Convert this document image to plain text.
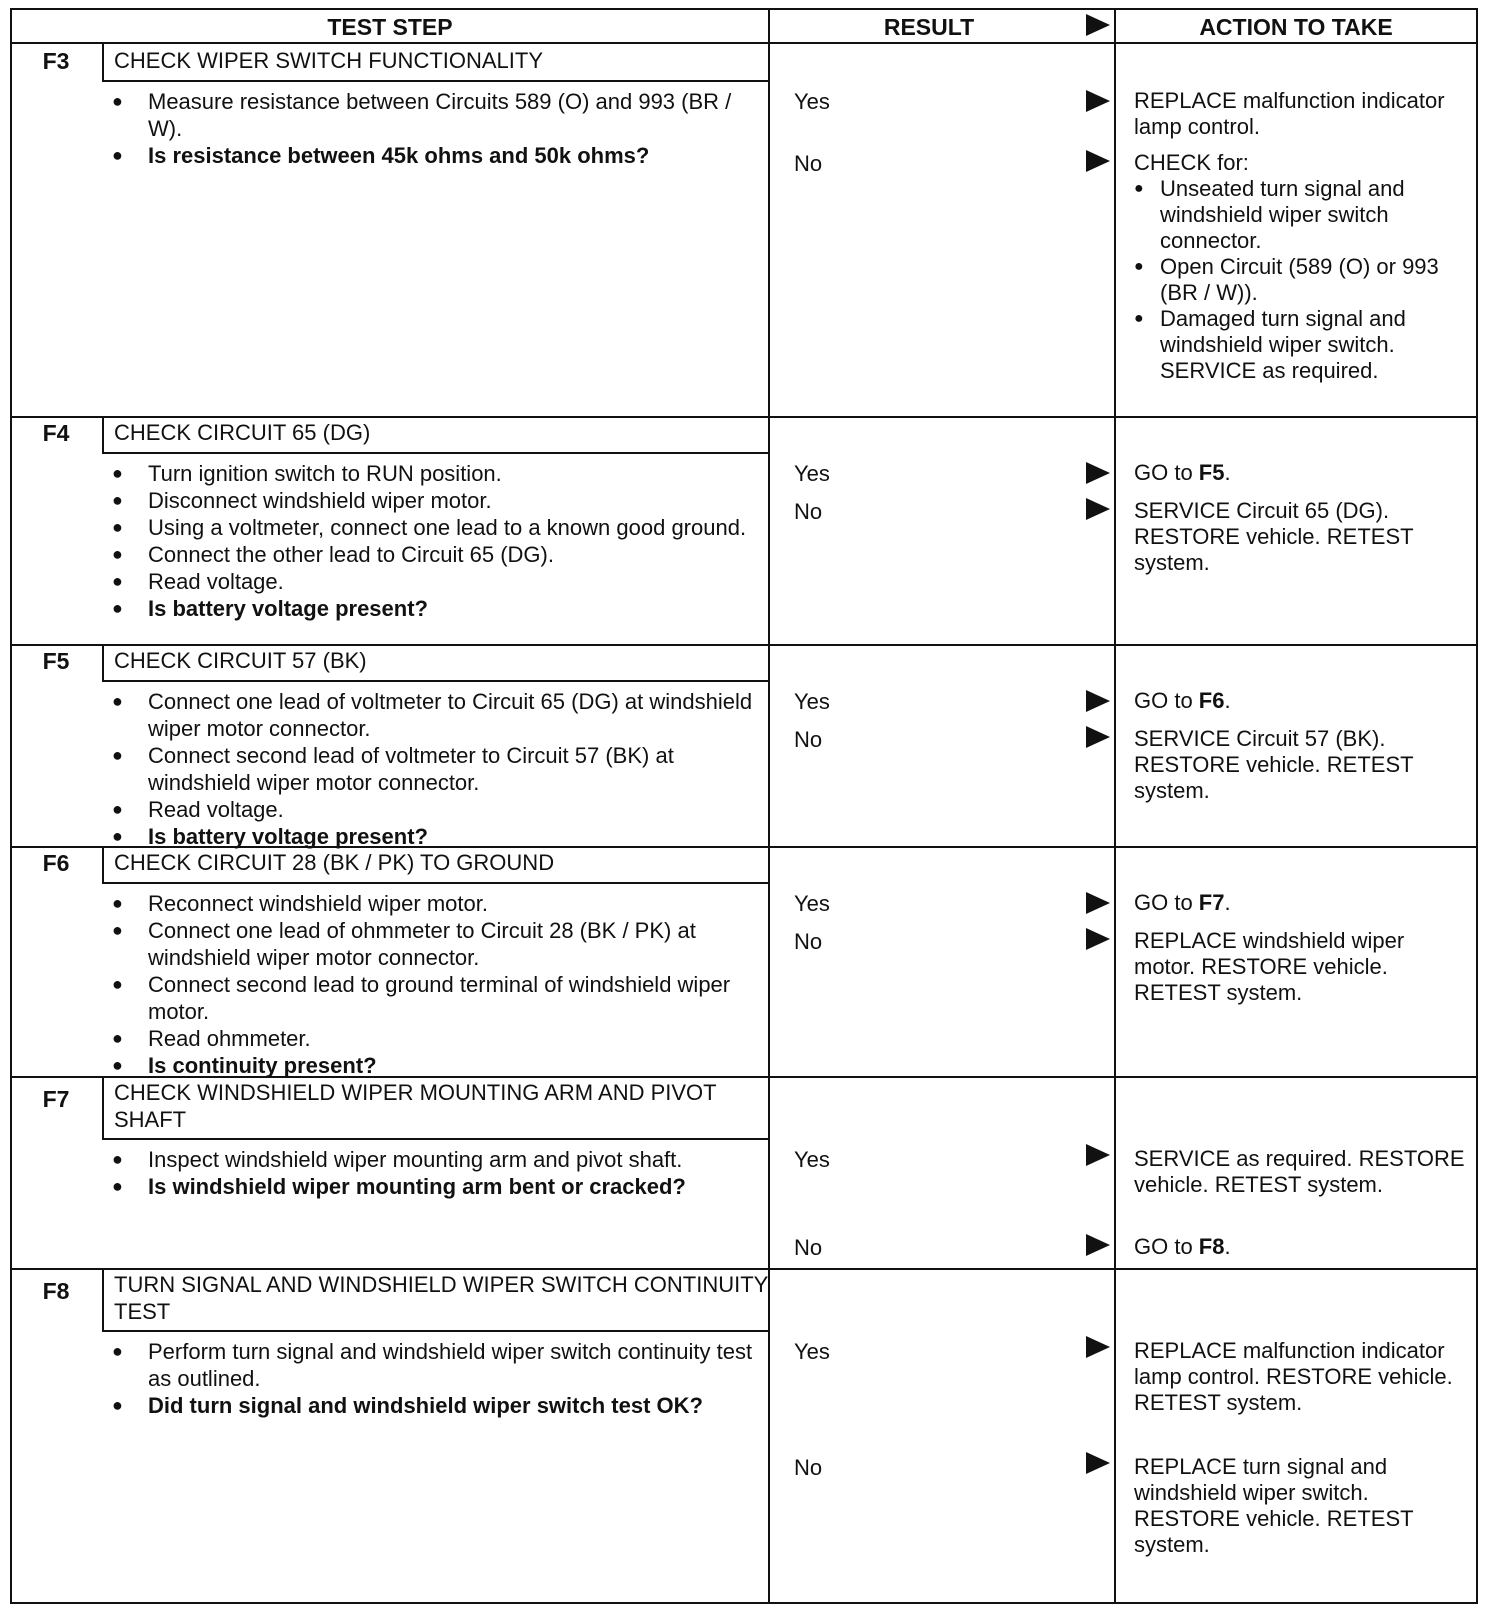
TEST STEP	RESULT	ACTION TO TAKE
F3	CHECK WIPER SWITCH FUNCTIONALITY
● Measure resistance between Circuits 589 (O) and 993 (BR / W).
● Is resistance between 45k ohms and 50k ohms?
Yes	REPLACE malfunction indicator lamp control.
No	CHECK for:
● Unseated turn signal and windshield wiper switch connector.
● Open Circuit (589 (O) or 993 (BR / W)).
● Damaged turn signal and windshield wiper switch. SERVICE as required.
F4	CHECK CIRCUIT 65 (DG)
● Turn ignition switch to RUN position.
● Disconnect windshield wiper motor.
● Using a voltmeter, connect one lead to a known good ground.
● Connect the other lead to Circuit 65 (DG).
● Read voltage.
● Is battery voltage present?
Yes	GO to F5.
No	SERVICE Circuit 65 (DG). RESTORE vehicle. RETEST system.
F5	CHECK CIRCUIT 57 (BK)
● Connect one lead of voltmeter to Circuit 65 (DG) at windshield wiper motor connector.
● Connect second lead of voltmeter to Circuit 57 (BK) at windshield wiper motor connector.
● Read voltage.
● Is battery voltage present?
Yes	GO to F6.
No	SERVICE Circuit 57 (BK). RESTORE vehicle. RETEST system.
F6	CHECK CIRCUIT 28 (BK / PK) TO GROUND
● Reconnect windshield wiper motor.
● Connect one lead of ohmmeter to Circuit 28 (BK / PK) at windshield wiper motor connector.
● Connect second lead to ground terminal of windshield wiper motor.
● Read ohmmeter.
● Is continuity present?
Yes	GO to F7.
No	REPLACE windshield wiper motor. RESTORE vehicle. RETEST system.
F7	CHECK WINDSHIELD WIPER MOUNTING ARM AND PIVOT SHAFT
● Inspect windshield wiper mounting arm and pivot shaft.
● Is windshield wiper mounting arm bent or cracked?
Yes	SERVICE as required. RESTORE vehicle. RETEST system.
No	GO to F8.
F8	TURN SIGNAL AND WINDSHIELD WIPER SWITCH CONTINUITY TEST
● Perform turn signal and windshield wiper switch continuity test as outlined.
● Did turn signal and windshield wiper switch test OK?
Yes	REPLACE malfunction indicator lamp control. RESTORE vehicle. RETEST system.
No	REPLACE turn signal and windshield wiper switch. RESTORE vehicle. RETEST system.
